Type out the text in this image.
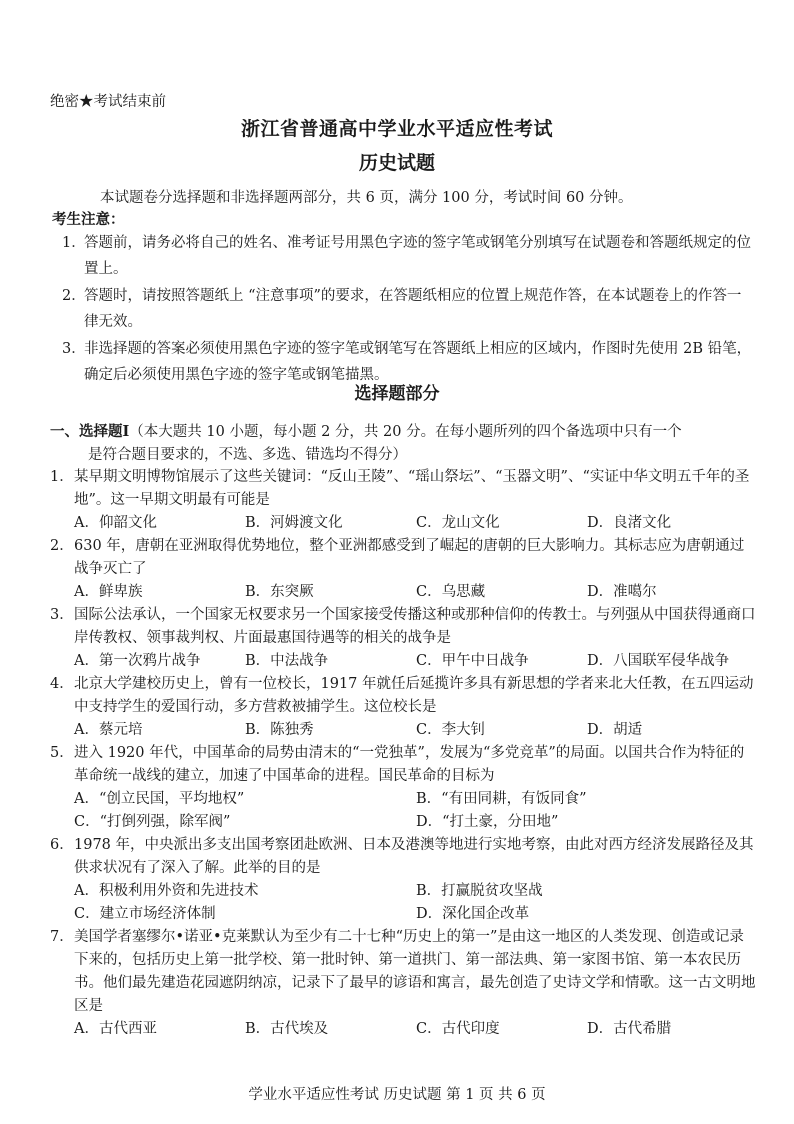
绝密★考试结束前
浙江省普通高中学业水平适应性考试
历史试题
本试题卷分选择题和非选择题两部分，共 6 页，满分 100 分，考试时间 60 分钟。
考生注意：
1．
答题前，请务必将自己的姓名、准考证号用黑色字迹的签字笔或钢笔分别填写在试题卷和答题纸规定的位置上。
2．
答题时，请按照答题纸上 “注意事项”的要求，在答题纸相应的位置上规范作答，在本试题卷上的作答一律无效。
3．
非选择题的答案必须使用黑色字迹的签字笔或钢笔写在答题纸上相应的区域内，作图时先使用 2B 铅笔，确定后必须使用黑色字迹的签字笔或钢笔描黑。
选择题部分
一、选择题Ⅰ（本大题共 10 小题，每小题 2 分，共 20 分。在每小题所列的四个备选项中只有一个
是符合题目要求的，不选、多选、错选均不得分）
1． 某早期文明博物馆展示了这些关键词：“反山王陵”、“瑶山祭坛”、“玉器文明”、“实证中华文明五千年的圣地”。这一早期文明最有可能是
A．仰韶文化	B．河姆渡文化	C．龙山文化	D．良渚文化
2． 630 年，唐朝在亚洲取得优势地位，整个亚洲都感受到了崛起的唐朝的巨大影响力。其标志应为唐朝通过战争灭亡了
A．鲜卑族	B．东突厥	C．乌思藏	D．准噶尔
3． 国际公法承认，一个国家无权要求另一个国家接受传播这种或那种信仰的传教士。与列强从中国获得通商口岸传教权、领事裁判权、片面最惠国待遇等的相关的战争是
A．第一次鸦片战争	B．中法战争	C．甲午中日战争	D．八国联军侵华战争
4． 北京大学建校历史上，曾有一位校长，1917 年就任后延揽许多具有新思想的学者来北大任教，在五四运动中支持学生的爱国行动，多方营救被捕学生。这位校长是
A．蔡元培	B．陈独秀	C．李大钊	D．胡适
5． 进入 1920 年代，中国革命的局势由清末的“一党独革”，发展为“多党竞革”的局面。以国共合作为特征的革命统一战线的建立，加速了中国革命的进程。国民革命的目标为
A．“创立民国，平均地权”	B．“有田同耕，有饭同食”
C．“打倒列强，除军阀”	D．“打土豪，分田地”
6． 1978 年，中央派出多支出国考察团赴欧洲、日本及港澳等地进行实地考察，由此对西方经济发展路径及其供求状况有了深入了解。此举的目的是
A．积极利用外资和先进技术	B．打赢脱贫攻坚战
C．建立市场经济体制	D．深化国企改革
7． 美国学者塞缪尔•诺亚•克莱默认为至少有二十七种“历史上的第一”是由这一地区的人类发现、创造或记录下来的，包括历史上第一批学校、第一批时钟、第一道拱门、第一部法典、第一家图书馆、第一本农民历书。他们最先建造花园遮阴纳凉，记录下了最早的谚语和寓言，最先创造了史诗文学和情歌。这一古文明地区是
A．古代西亚	B．古代埃及	C．古代印度	D．古代希腊
学业水平适应性考试 历史试题 第 1 页 共 6 页
